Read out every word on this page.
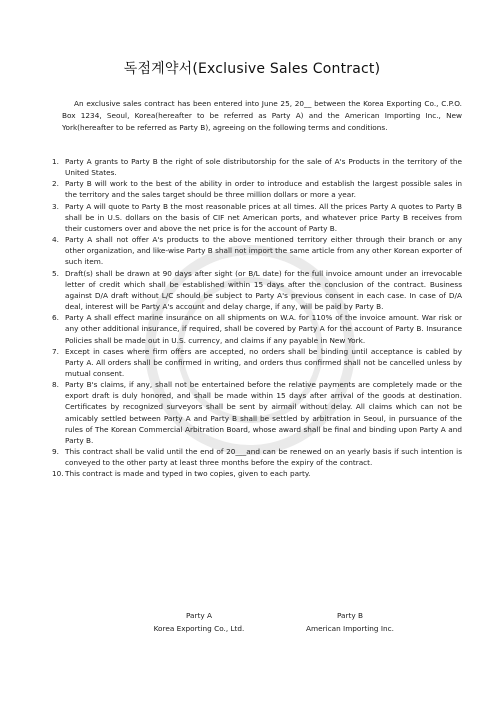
독점계약서(Exclusive Sales Contract)
An exclusive sales contract has been entered into June 25, 20__ between the Korea Exporting Co., C.P.O. Box 1234, Seoul, Korea(hereafter to be referred as Party A) and the American Importing Inc., New York(hereafter to be referred as Party B), agreeing on the following terms and conditions.
1. Party A grants to Party B the right of sole distributorship for the sale of A's Products in the territory of the United States.
2. Party B will work to the best of the ability in order to introduce and establish the largest possible sales in the territory and the sales target should be three million dollars or more a year.
3. Party A will quote to Party B the most reasonable prices at all times. All the prices Party A quotes to Party B shall be in U.S. dollars on the basis of CIF net American ports, and whatever price Party B receives from their customers over and above the net price is for the account of Party B.
4. Party A shall not offer A's products to the above mentioned territory either through their branch or any other organization, and like-wise Party B shall not import the same article from any other Korean exporter of such item.
5. Draft(s) shall be drawn at 90 days after sight (or B/L date) for the full invoice amount under an irrevocable letter of credit which shall be established within 15 days after the conclusion of the contract. Business against D/A draft without L/C should be subject to Party A's previous consent in each case. In case of D/A deal, interest will be Party A's account and delay charge, if any, will be paid by Party B.
6. Party A shall effect marine insurance on all shipments on W.A. for 110% of the invoice amount. War risk or any other additional insurance, if required, shall be covered by Party A for the account of Party B. Insurance Policies shall be made out in U.S. currency, and claims if any payable in New York.
7. Except in cases where firm offers are accepted, no orders shall be binding until acceptance is cabled by Party A. All orders shall be confirmed in writing, and orders thus confirmed shall not be cancelled unless by mutual consent.
8. Party B's claims, if any, shall not be entertained before the relative payments are completely made or the export draft is duly honored, and shall be made within 15 days after arrival of the goods at destination. Certificates by recognized surveyors shall be sent by airmail without delay. All claims which can not be amicably settled between Party A and Party B shall be settled by arbitration in Seoul, in pursuance of the rules of The Korean Commercial Arbitration Board, whose award shall be final and binding upon Party A and Party B.
9. This contract shall be valid until the end of 20___and can be renewed on an yearly basis if such intention is conveyed to the other party at least three months before the expiry of the contract.
10. This contract is made and typed in two copies, given to each party.
Party A
Korea Exporting Co., Ltd.
Party B
American Importing Inc.
